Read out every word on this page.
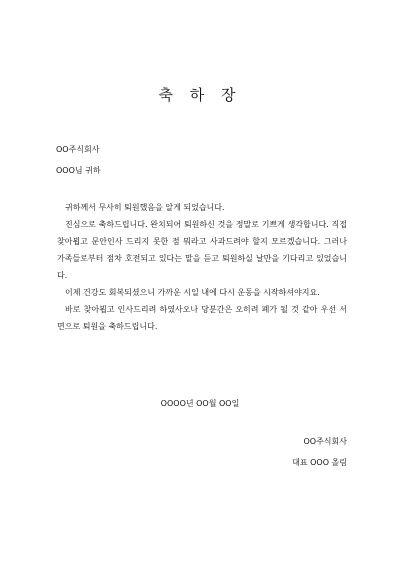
축 하 장
OO주식회사
OOO님 귀하

귀하께서 무사히 퇴원했음을 알게 되었습니다.

진심으로 축하드립니다. 완치되어 퇴원하신 것을 정말로 기쁘게 생각합니다. 직접 찾아뵙고 문안인사 드리지 못한 점 뭐라고 사과드려야 할지 모르겠습니다. 그러나 가족들로부터 점차 호전되고 있다는 말을 듣고 퇴원하실 날만을 기다리고 있었습니다.

이제 건강도 회복되셨으니 가까운 시일 내에 다시 운동을 시작하셔야지요.

바로 찾아뵙고 인사드리려 하였사오나 당분간은 오히려 폐가 될 것 같아 우선 서면으로 퇴원을 축하드립니다.

OOOO년 OO월 OO일
OO주식회사
대표 OOO 올림
